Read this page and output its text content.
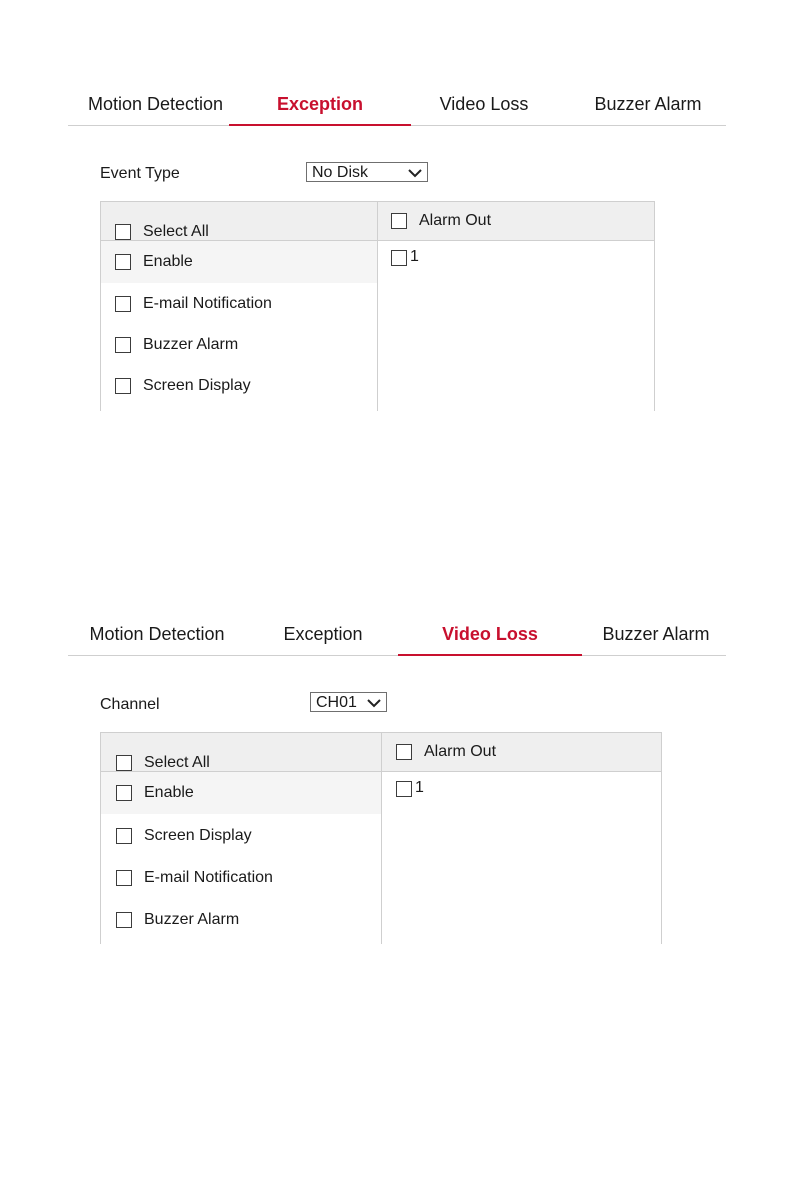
Motion Detection	Exception	Video Loss	Buzzer Alarm
Event Type	No Disk
Select All
Alarm Out
Enable
E-mail Notification
Buzzer Alarm
Screen Display
1
Motion Detection	Exception	Video Loss	Buzzer Alarm
Channel	CH01
Select All
Alarm Out
Enable
Screen Display
E-mail Notification
Buzzer Alarm
1
